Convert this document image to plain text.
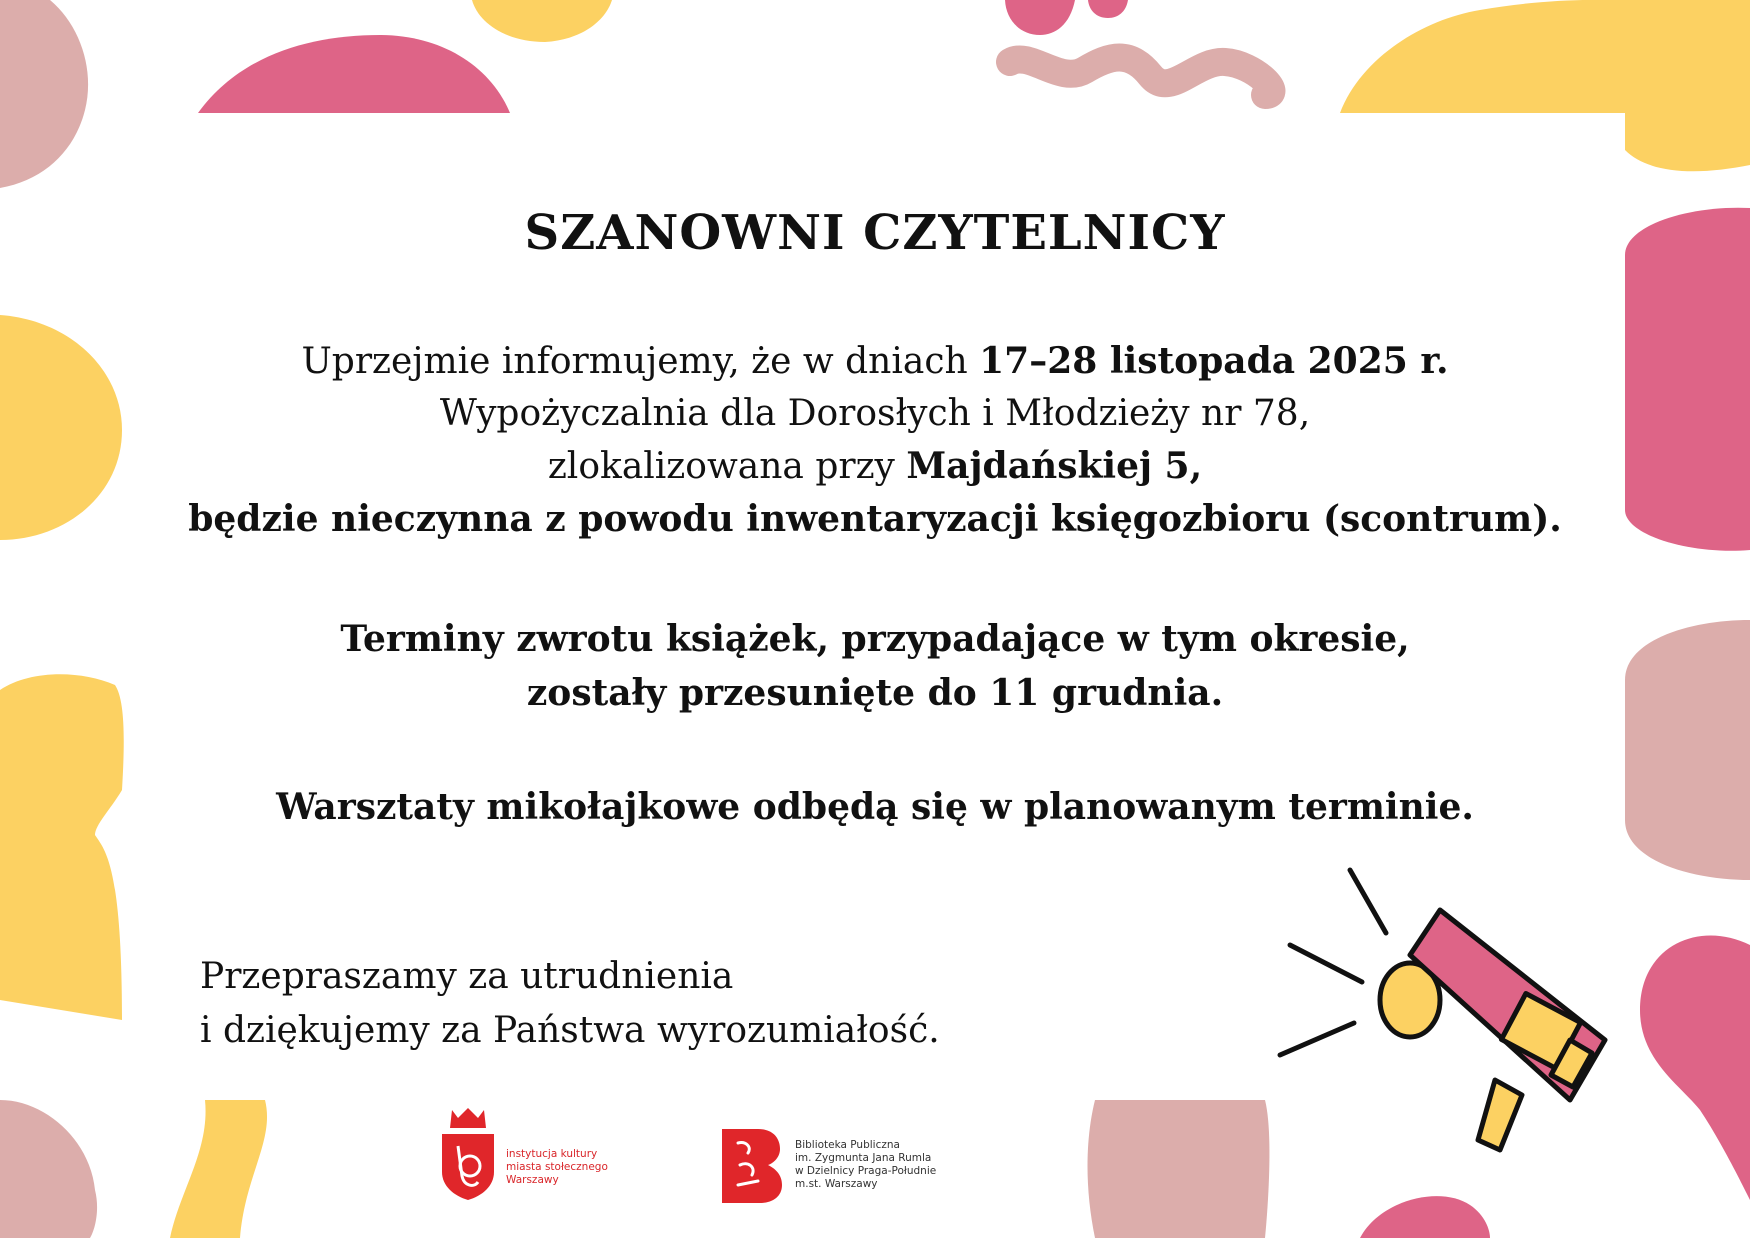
SZANOWNI CZYTELNICY
Uprzejmie informujemy, że w dniach 17–28 listopada 2025 r.
Wypożyczalnia dla Dorosłych i Młodzieży nr 78,
zlokalizowana przy Majdańskiej 5,
będzie nieczynna z powodu inwentaryzacji księgozbioru (scontrum).
Terminy zwrotu książek, przypadające w tym okresie,
zostały przesunięte do 11 grudnia.
Warsztaty mikołajkowe odbędą się w planowanym terminie.
Przepraszamy za utrudnienia
i dziękujemy za Państwa wyrozumiałość.
instytucja kultury
miasta stołecznego
Warszawy
Biblioteka Publiczna
im. Zygmunta Jana Rumla
w Dzielnicy Praga-Południe
m.st. Warszawy
